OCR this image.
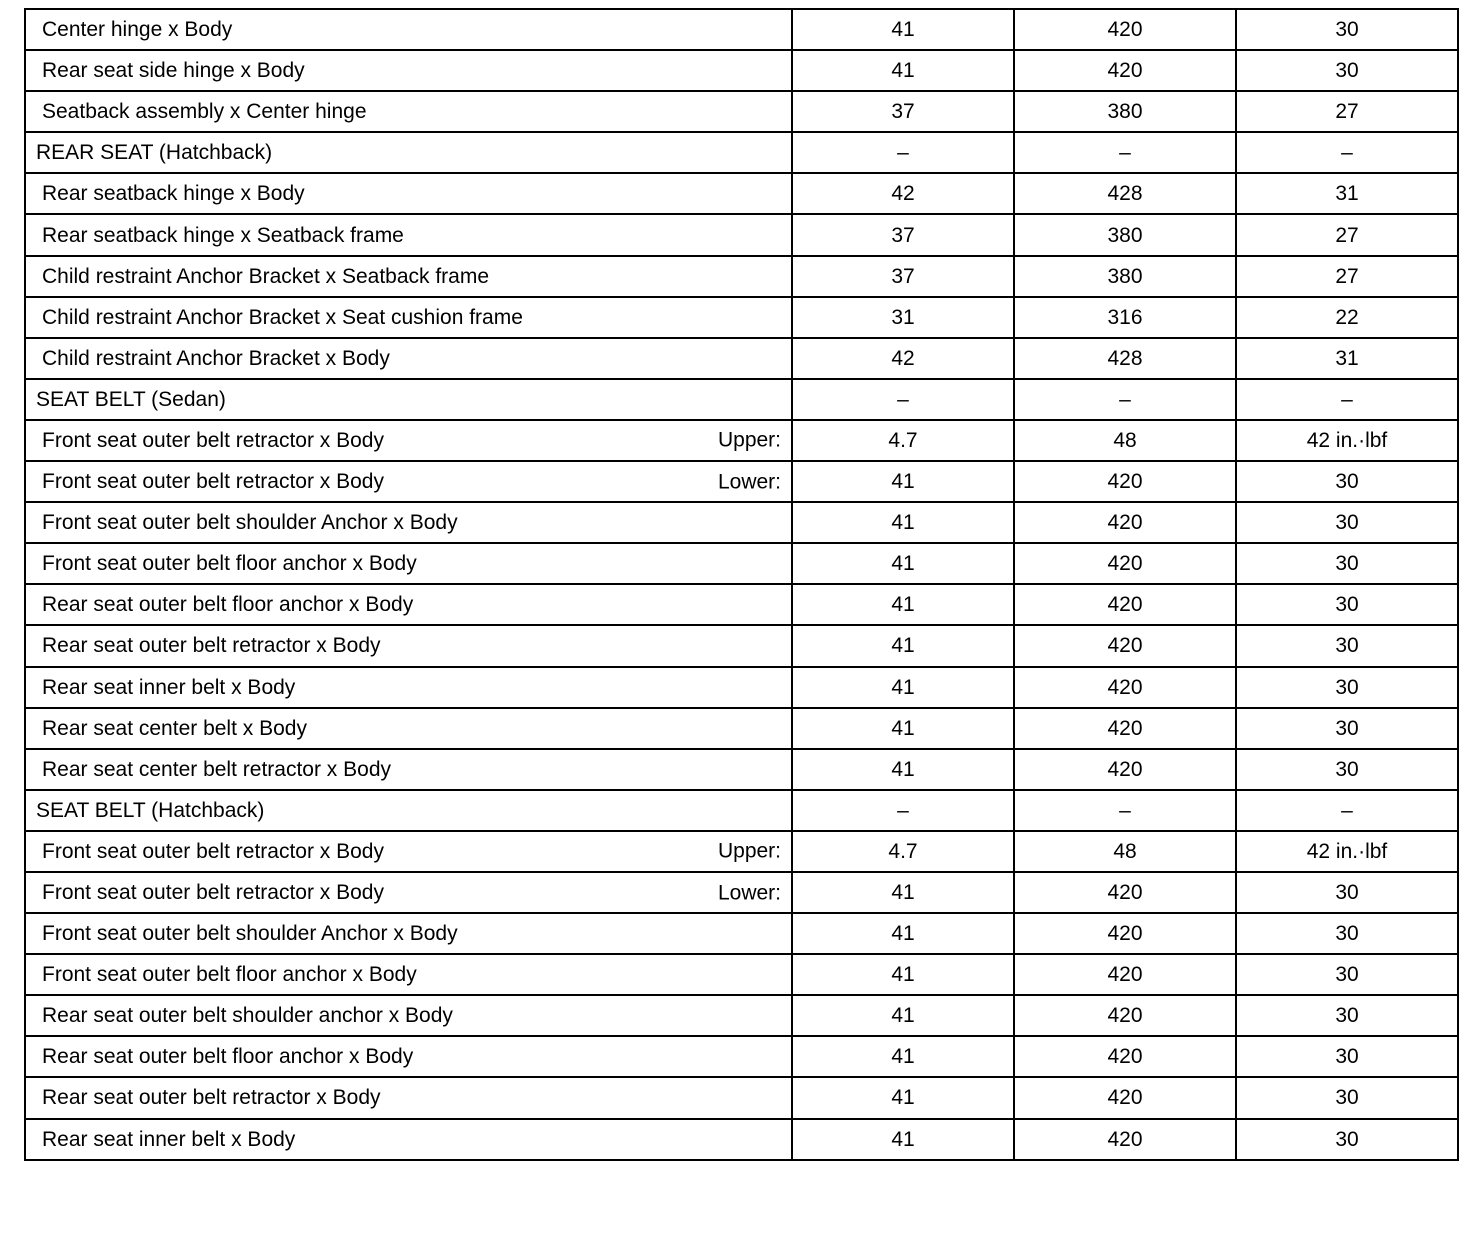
Center hinge x Body	41	420	30
Rear seat side hinge x Body	41	420	30
Seatback assembly x Center hinge	37	380	27
REAR SEAT (Hatchback)	–	–	–
Rear seatback hinge x Body	42	428	31
Rear seatback hinge x Seatback frame	37	380	27
Child restraint Anchor Bracket x Seatback frame	37	380	27
Child restraint Anchor Bracket x Seat cushion frame	31	316	22
Child restraint Anchor Bracket x Body	42	428	31
SEAT BELT (Sedan)	–	–	–
Front seat outer belt retractor x Body Upper:	4.7	48	42 in.·lbf
Front seat outer belt retractor x Body Lower:	41	420	30
Front seat outer belt shoulder Anchor x Body	41	420	30
Front seat outer belt floor anchor x Body	41	420	30
Rear seat outer belt floor anchor x Body	41	420	30
Rear seat outer belt retractor x Body	41	420	30
Rear seat inner belt x Body	41	420	30
Rear seat center belt x Body	41	420	30
Rear seat center belt retractor x Body	41	420	30
SEAT BELT (Hatchback)	–	–	–
Front seat outer belt retractor x Body Upper:	4.7	48	42 in.·lbf
Front seat outer belt retractor x Body Lower:	41	420	30
Front seat outer belt shoulder Anchor x Body	41	420	30
Front seat outer belt floor anchor x Body	41	420	30
Rear seat outer belt shoulder anchor x Body	41	420	30
Rear seat outer belt floor anchor x Body	41	420	30
Rear seat outer belt retractor x Body	41	420	30
Rear seat inner belt x Body	41	420	30
